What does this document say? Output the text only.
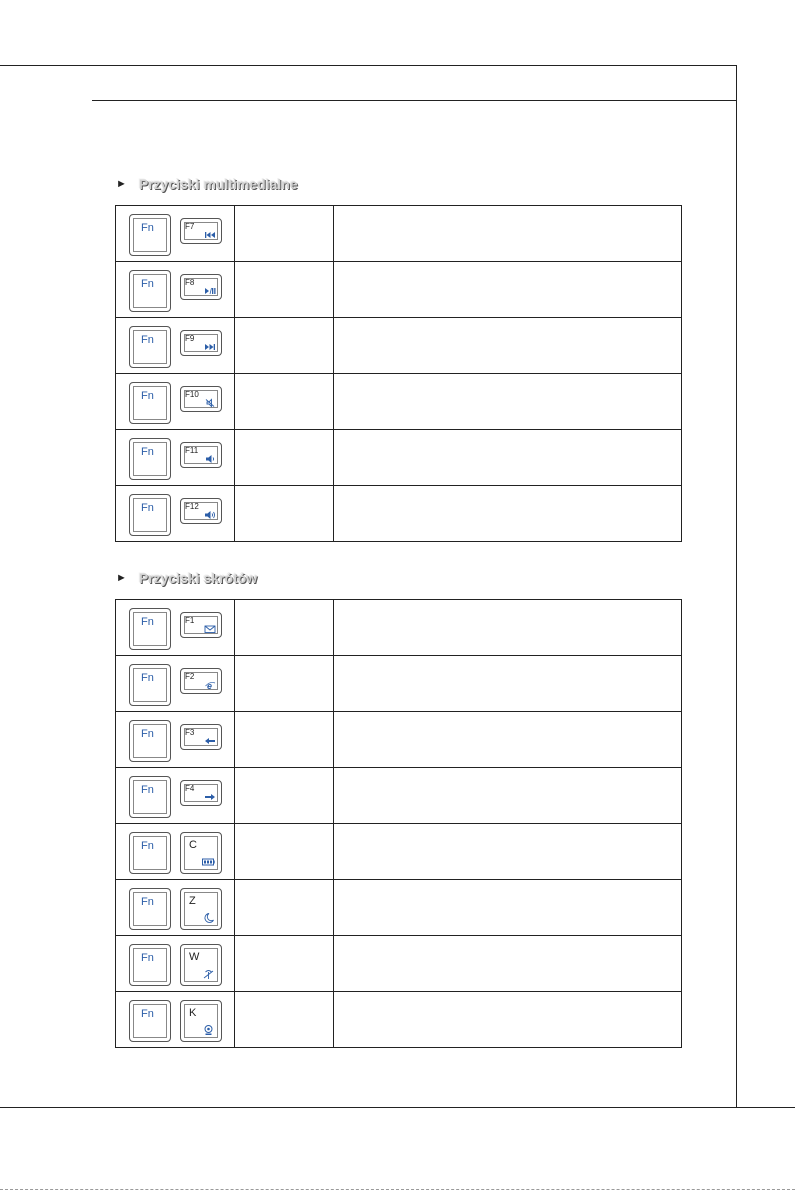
► Przyciski multimedialne
Fn F7		

Fn F8		

Fn F9		

Fn F10		

Fn F11		

Fn F12		

► Przyciski skrótów
Fn F1		

Fn F2
e		

Fn F3		

Fn F4		

Fn C		

Fn Z		

Fn W		

Fn K		
